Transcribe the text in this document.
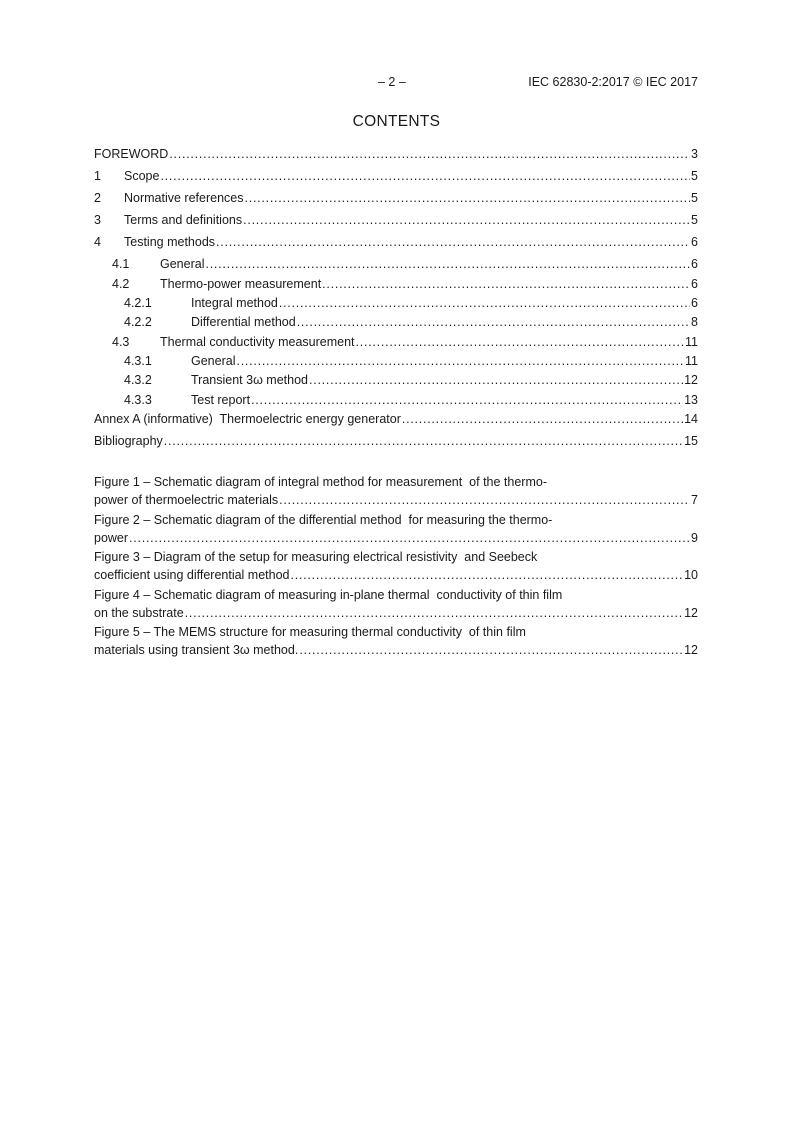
– 2 –	IEC 62830-2:2017 © IEC 2017
CONTENTS
FOREWORD .....	3
1	Scope .....	5
2	Normative references .....	5
3	Terms and definitions .....	5
4	Testing methods .....	6
4.1	General .....	6
4.2	Thermo-power measurement .....	6
4.2.1	Integral method .....	6
4.2.2	Differential method .....	8
4.3	Thermal conductivity measurement .....	11
4.3.1	General .....	11
4.3.2	Transient 3ω method .....	12
4.3.3	Test report .....	13
Annex A (informative)  Thermoelectric energy generator .....	14
Bibliography .....	15
Figure 1 – Schematic diagram of integral method for measurement  of the thermo-
power of thermoelectric materials .....	7
Figure 2 – Schematic diagram of the differential method  for measuring the thermo-
power .....	9
Figure 3 – Diagram of the setup for measuring electrical resistivity  and Seebeck
coefficient using differential method .....	10
Figure 4 – Schematic diagram of measuring in-plane thermal  conductivity of thin film
on the substrate .....	12
Figure 5 – The MEMS structure for measuring thermal conductivity  of thin film
materials using transient 3ω method. .....	12
